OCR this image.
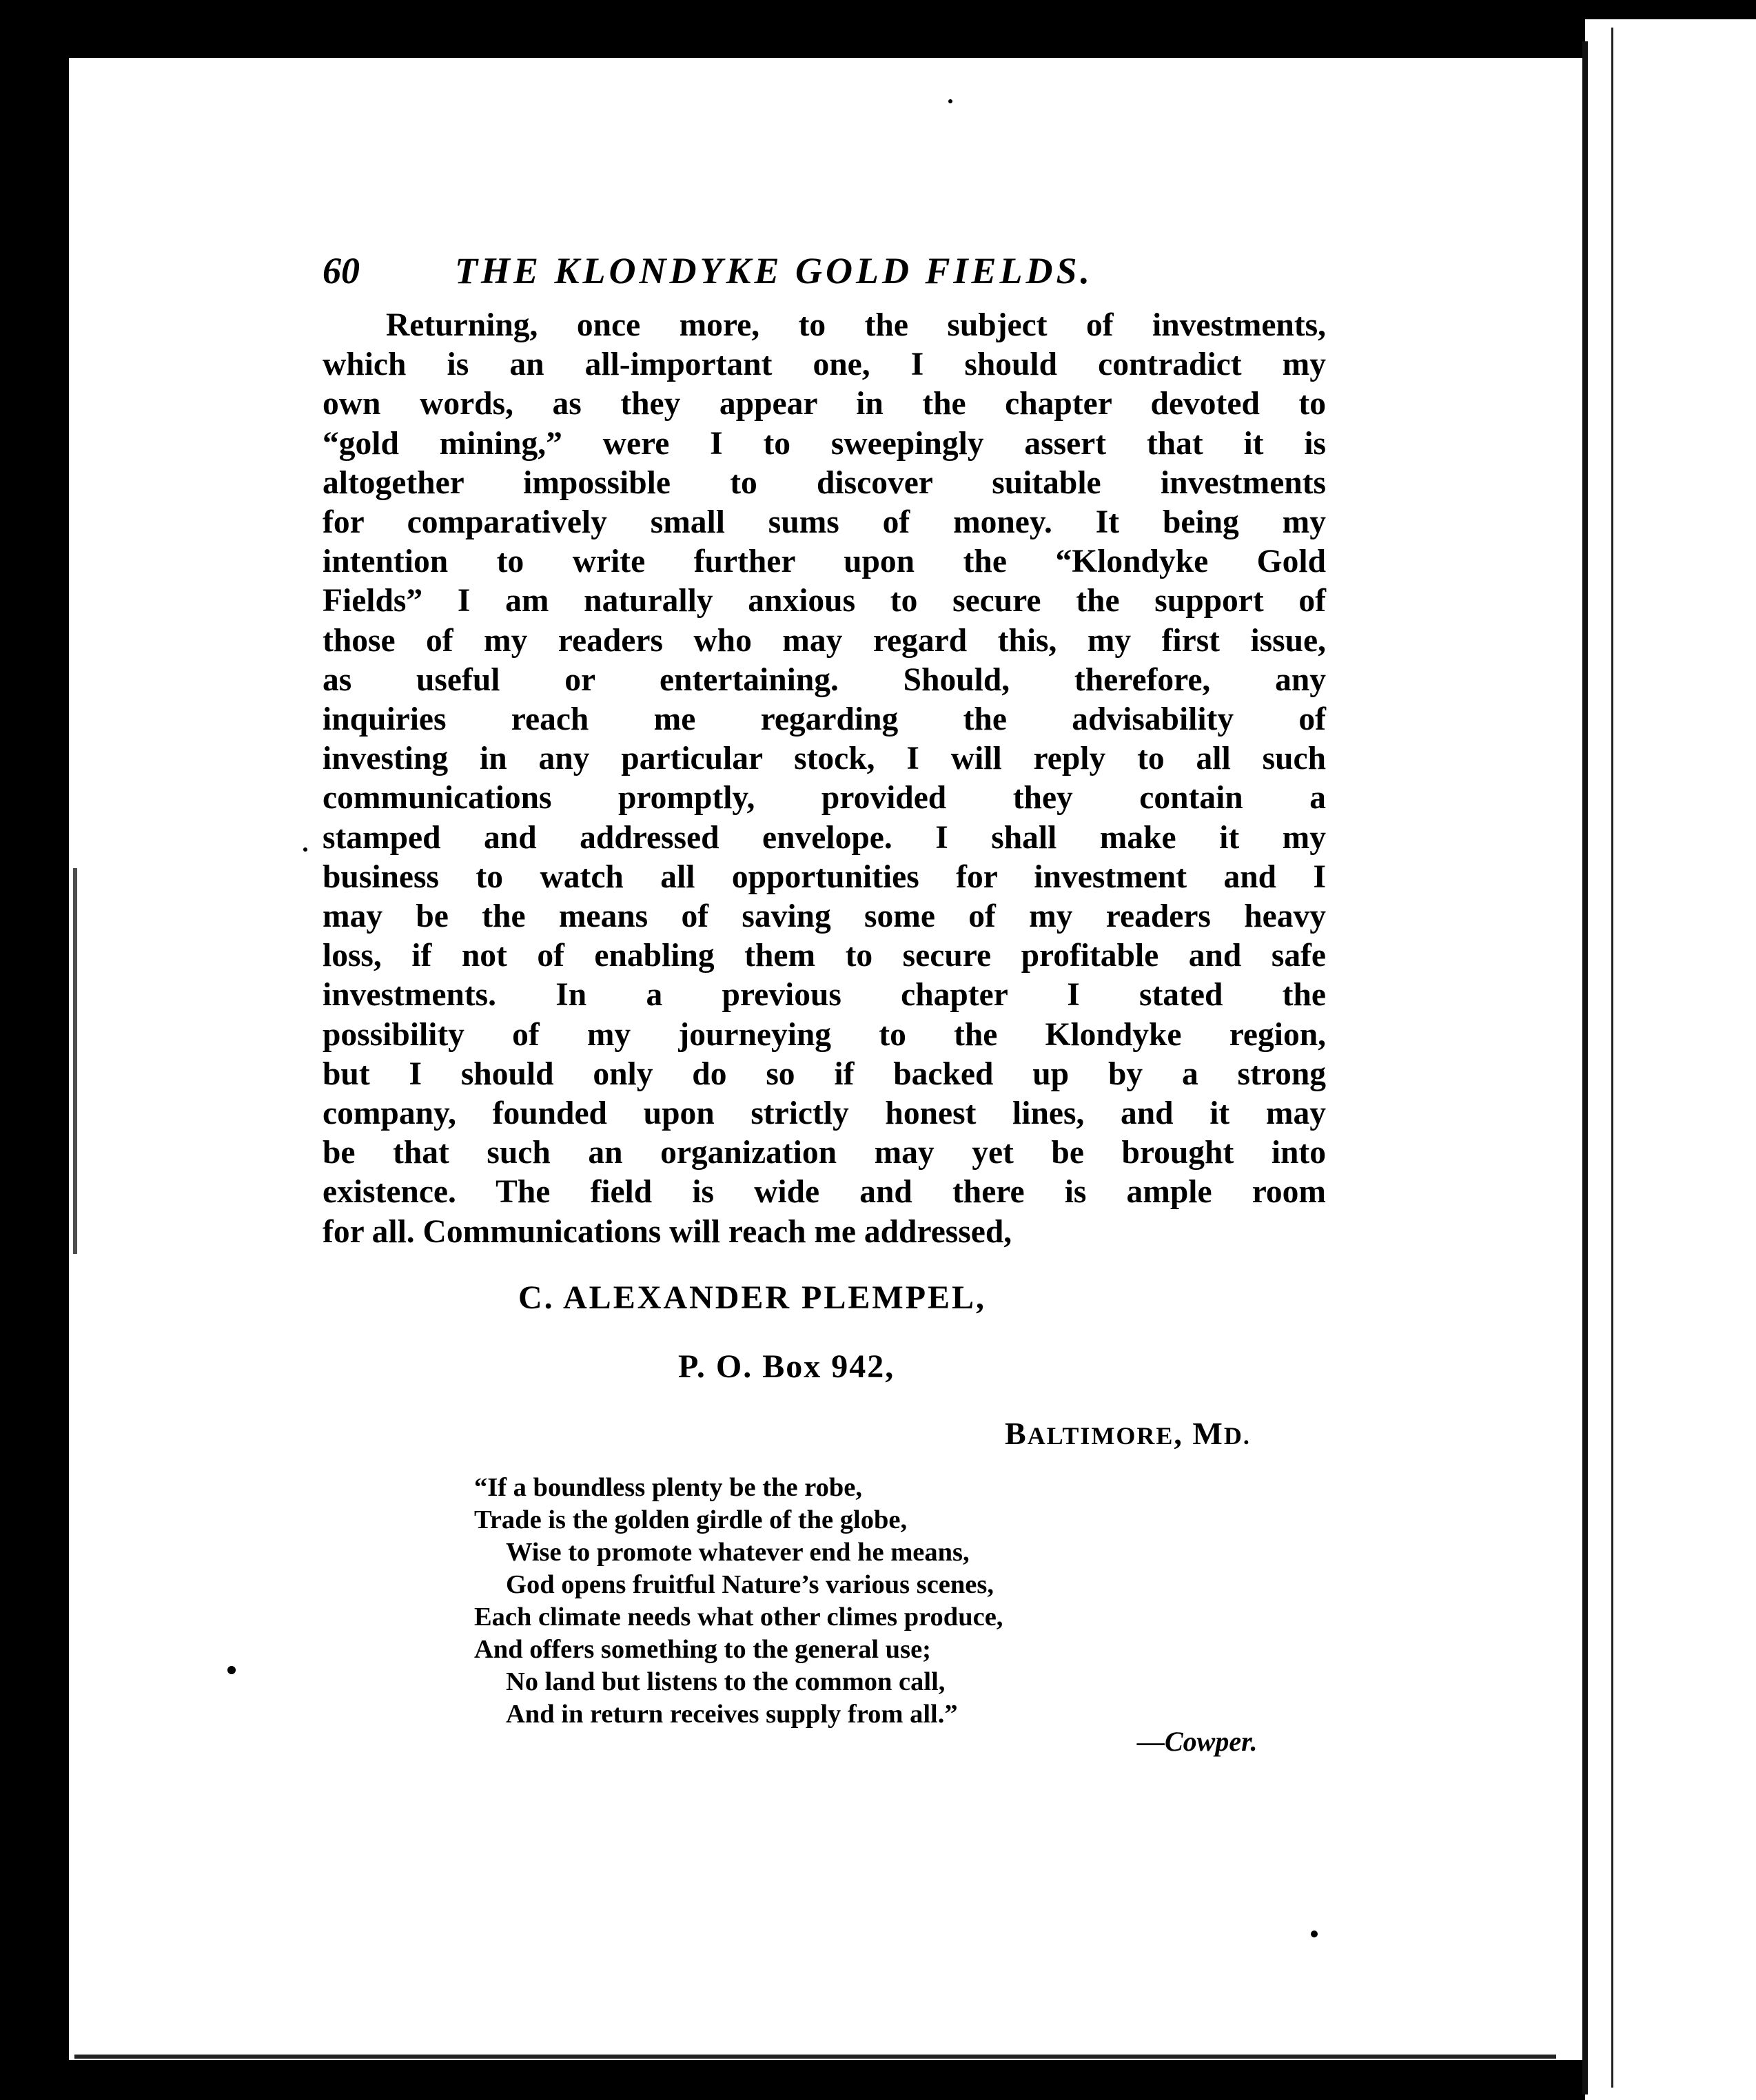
60	THE KLONDYKE GOLD FIELDS.
Returning, once more, to the subject of investments,
which is an all-important one, I should contradict my
own words, as they appear in the chapter devoted to
“gold mining,” were I to sweepingly assert that it is
altogether impossible to discover suitable investments
for comparatively small sums of money. It being my
intention to write further upon the “Klondyke Gold
Fields” I am naturally anxious to secure the support of
those of my readers who may regard this, my first issue,
as useful or entertaining. Should, therefore, any
inquiries reach me regarding the advisability of
investing in any particular stock, I will reply to all such
communications promptly, provided they contain a
stamped and addressed envelope. I shall make it my
business to watch all opportunities for investment and I
may be the means of saving some of my readers heavy
loss, if not of enabling them to secure profitable and safe
investments. In a previous chapter I stated the
possibility of my journeying to the Klondyke region,
but I should only do so if backed up by a strong
company, founded upon strictly honest lines, and it may
be that such an organization may yet be brought into
existence. The field is wide and there is ample room
for all. Communications will reach me addressed,
C. ALEXANDER PLEMPEL,
P. O. Box 942,
BALTIMORE, MD.
“If a boundless plenty be the robe,
Trade is the golden girdle of the globe,
Wise to promote whatever end he means,
God opens fruitful Nature’s various scenes,
Each climate needs what other climes produce,
And offers something to the general use;
No land but listens to the common call,
And in return receives supply from all.”
—Cowper.
